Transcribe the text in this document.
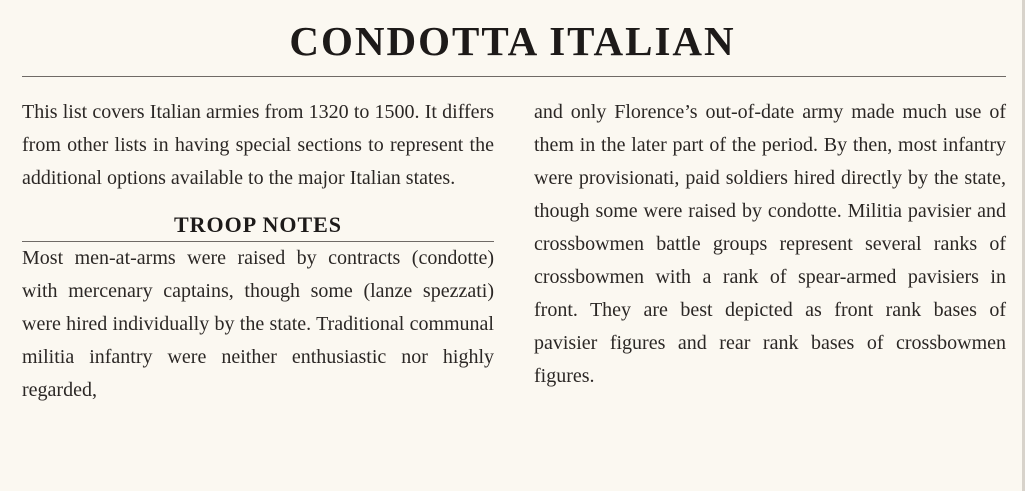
CONDOTTA ITALIAN

This list covers Italian armies from 1320 to 1500. It differs from other lists in having special sections to represent the additional options available to the major Italian states.

TROOP NOTES

Most men-at-arms were raised by contracts (condotte) with mercenary captains, though some (lanze spezzati) were hired individually by the state. Traditional communal militia infantry were neither enthusiastic nor highly regarded,

and only Florence’s out-of-date army made much use of them in the later part of the period. By then, most infantry were provisionati, paid soldiers hired directly by the state, though some were raised by condotte. Militia pavisier and crossbowmen battle groups represent several ranks of crossbowmen with a rank of spear-armed pavisiers in front. They are best depicted as front rank bases of pavisier figures and rear rank bases of crossbowmen figures.
